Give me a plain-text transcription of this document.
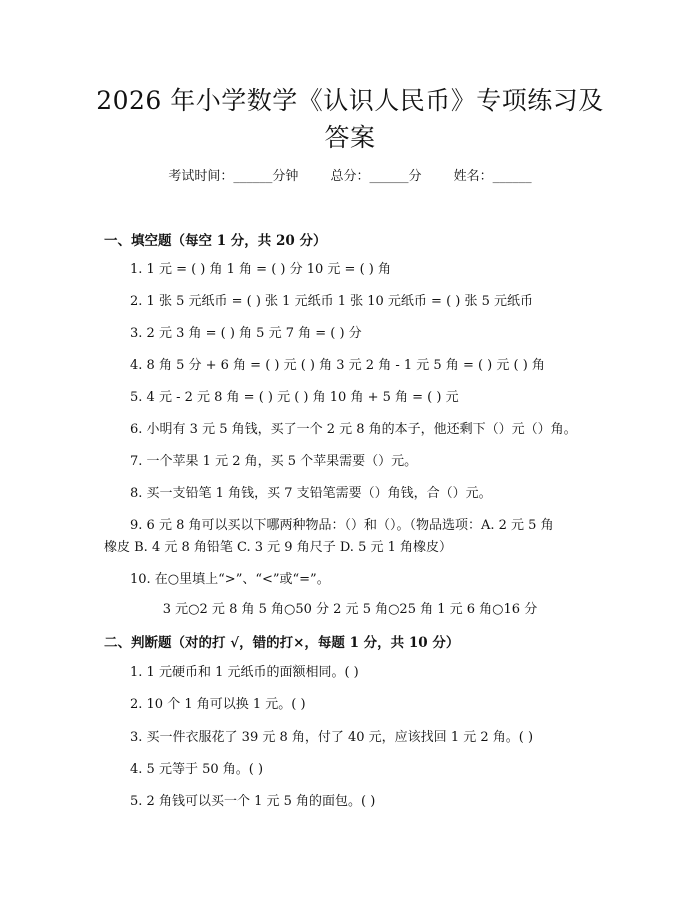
2026 年小学数学《认识人民币》专项练习及
答案
考试时间：______分钟 总分：______分 姓名：______
一、填空题（每空 1 分，共 20 分）
1. 1 元 = ( ) 角 1 角 = ( ) 分 10 元 = ( ) 角
2. 1 张 5 元纸币 = ( ) 张 1 元纸币 1 张 10 元纸币 = ( ) 张 5 元纸币
3. 2 元 3 角 = ( ) 角 5 元 7 角 = ( ) 分
4. 8 角 5 分 + 6 角 = ( ) 元 ( ) 角 3 元 2 角 - 1 元 5 角 = ( ) 元 ( ) 角
5. 4 元 - 2 元 8 角 = ( ) 元 ( ) 角 10 角 + 5 角 = ( ) 元
6. 小明有 3 元 5 角钱，买了一个 2 元 8 角的本子，他还剩下（）元（）角。
7. 一个苹果 1 元 2 角，买 5 个苹果需要（）元。
8. 买一支铅笔 1 角钱，买 7 支铅笔需要（）角钱，合（）元。
9. 6 元 8 角可以买以下哪两种物品：（）和（）。（物品选项：A. 2 元 5 角
橡皮 B. 4 元 8 角铅笔 C. 3 元 9 角尺子 D. 5 元 1 角橡皮）
10. 在○里填上“>”、“<”或“=”。
3 元○2 元 8 角 5 角○50 分 2 元 5 角○25 角 1 元 6 角○16 分
二、判断题（对的打 √，错的打×，每题 1 分，共 10 分）
1. 1 元硬币和 1 元纸币的面额相同。( )
2. 10 个 1 角可以换 1 元。( )
3. 买一件衣服花了 39 元 8 角，付了 40 元，应该找回 1 元 2 角。( )
4. 5 元等于 50 角。( )
5. 2 角钱可以买一个 1 元 5 角的面包。( )
